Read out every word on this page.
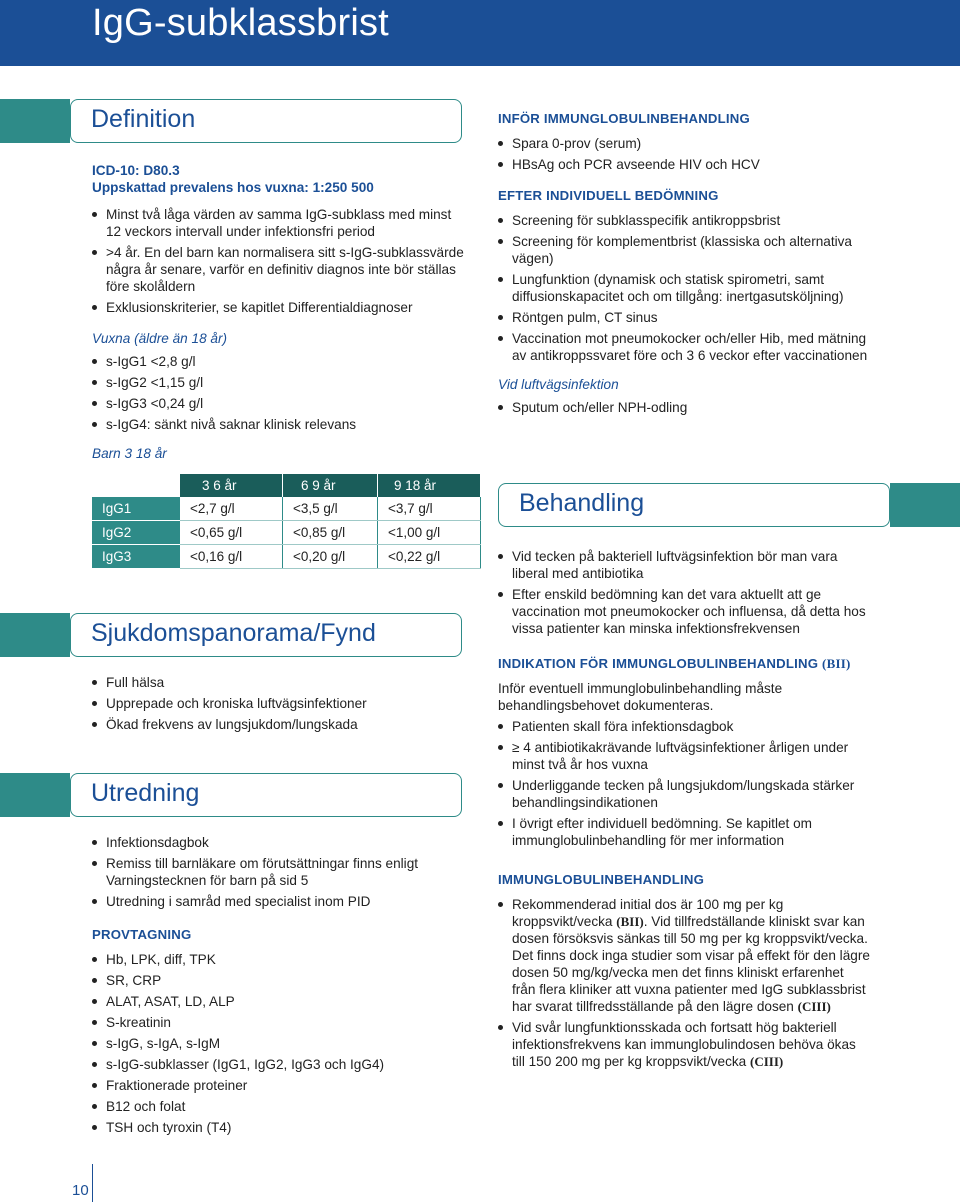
IgG-subklassbrist
Definition

ICD-10: D80.3

Uppskattad prevalens hos vuxna: 1:250 500

Minst två låga värden av samma IgG-subklass med minst 12 veckors intervall under infektionsfri period
>4 år. En del barn kan normalisera sitt s-IgG-subklassvärde några år senare, varför en definitiv diagnos inte bör ställas före skolåldern
Exklusionskriterier, se kapitlet Differentialdiagnoser

Vuxna (äldre än 18 år)

s-IgG1 <2,8 g/l
s-IgG2 <1,15 g/l
s-IgG3 <0,24 g/l
s-IgG4: sänkt nivå saknar klinisk relevans

Barn 3 18 år

	3 6 år	6 9 år	9 18 år
IgG1	<2,7 g/l	<3,5 g/l	<3,7 g/l
IgG2	<0,65 g/l	<0,85 g/l	<1,00 g/l
IgG3	<0,16 g/l	<0,20 g/l	<0,22 g/l
Sjukdomspanorama/Fynd
Full hälsa
Upprepade och kroniska luftvägsinfektioner
Ökad frekvens av lungsjukdom/lungskada
Utredning
Infektionsdagbok
Remiss till barnläkare om förutsättningar finns enligt Varningstecknen för barn på sid 5
Utredning i samråd med specialist inom PID

PROVTAGNING

Hb, LPK, diff, TPK
SR, CRP
ALAT, ASAT, LD, ALP
S-kreatinin
s-IgG, s-IgA, s-IgM
s-IgG-subklasser (IgG1, IgG2, IgG3 och IgG4)
Fraktionerade proteiner
B12 och folat
TSH och tyroxin (T4)

INFÖR IMMUNGLOBULINBEHANDLING

Spara 0-prov (serum)
HBsAg och PCR avseende HIV och HCV

EFTER INDIVIDUELL BEDÖMNING

Screening för subklasspecifik antikroppsbrist
Screening för komplementbrist (klassiska och alternativa vägen)
Lungfunktion (dynamisk och statisk spirometri, samt diffusionskapacitet och om tillgång: inertgasutsköljning)
Röntgen pulm, CT sinus
Vaccination mot pneumokocker och/eller Hib, med mätning av antikroppssvaret före och 3 6 veckor efter vaccinationen

Vid luftvägsinfektion

Sputum och/eller NPH-odling
Behandling
Vid tecken på bakteriell luftvägsinfektion bör man vara liberal med antibiotika
Efter enskild bedömning kan det vara aktuellt att ge vaccination mot pneumokocker och influensa, då detta hos vissa patienter kan minska infektionsfrekvensen

INDIKATION FÖR IMMUNGLOBULINBEHANDLING (BII)

Inför eventuell immunglobulinbehandling måste behandlingsbehovet dokumenteras.

Patienten skall föra infektionsdagbok
≥ 4 antibiotikakrävande luftvägsinfektioner årligen under minst två år hos vuxna
Underliggande tecken på lungsjukdom/lungskada stärker behandlingsindikationen
I övrigt efter individuell bedömning. Se kapitlet om immunglobulinbehandling för mer information

IMMUNGLOBULINBEHANDLING

Rekommenderad initial dos är 100 mg per kg kroppsvikt/vecka (BII). Vid tillfredställande kliniskt svar kan dosen försöksvis sänkas till 50 mg per kg kroppsvikt/vecka. Det finns dock inga studier som visar på effekt för den lägre dosen 50 mg/kg/vecka men det finns kliniskt erfarenhet från flera kliniker att vuxna patienter med IgG subklassbrist har svarat tillfredsställande på den lägre dosen (CIII)
Vid svår lungfunktionsskada och fortsatt hög bakteriell infektionsfrekvens kan immunglobulindosen behöva ökas till 150 200 mg per kg kroppsvikt/vecka (CIII)
10
